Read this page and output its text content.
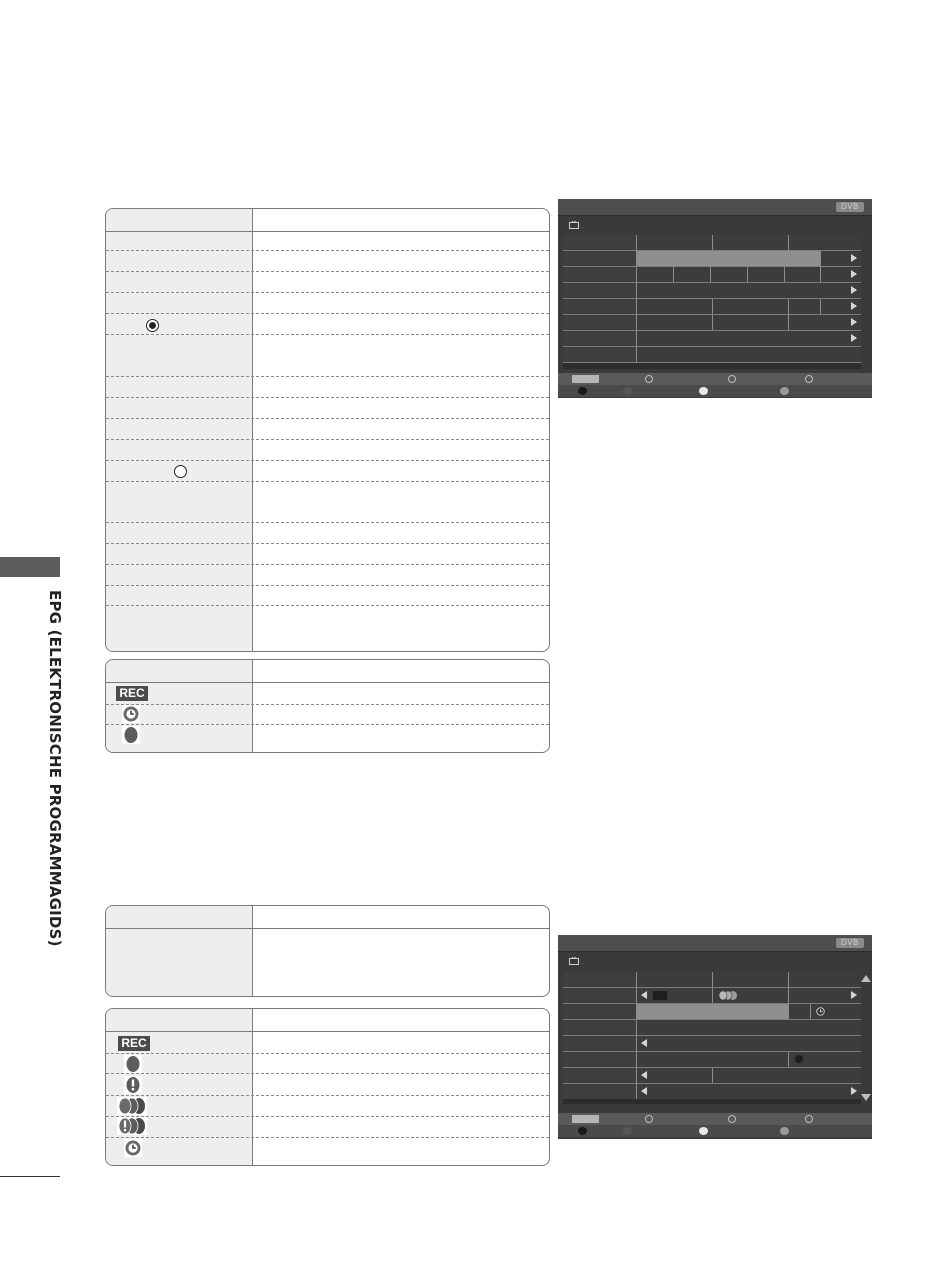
EPG (ELEKTRONISCHE PROGRAMMAGIDS)	REC
REC
DVB
DVB
